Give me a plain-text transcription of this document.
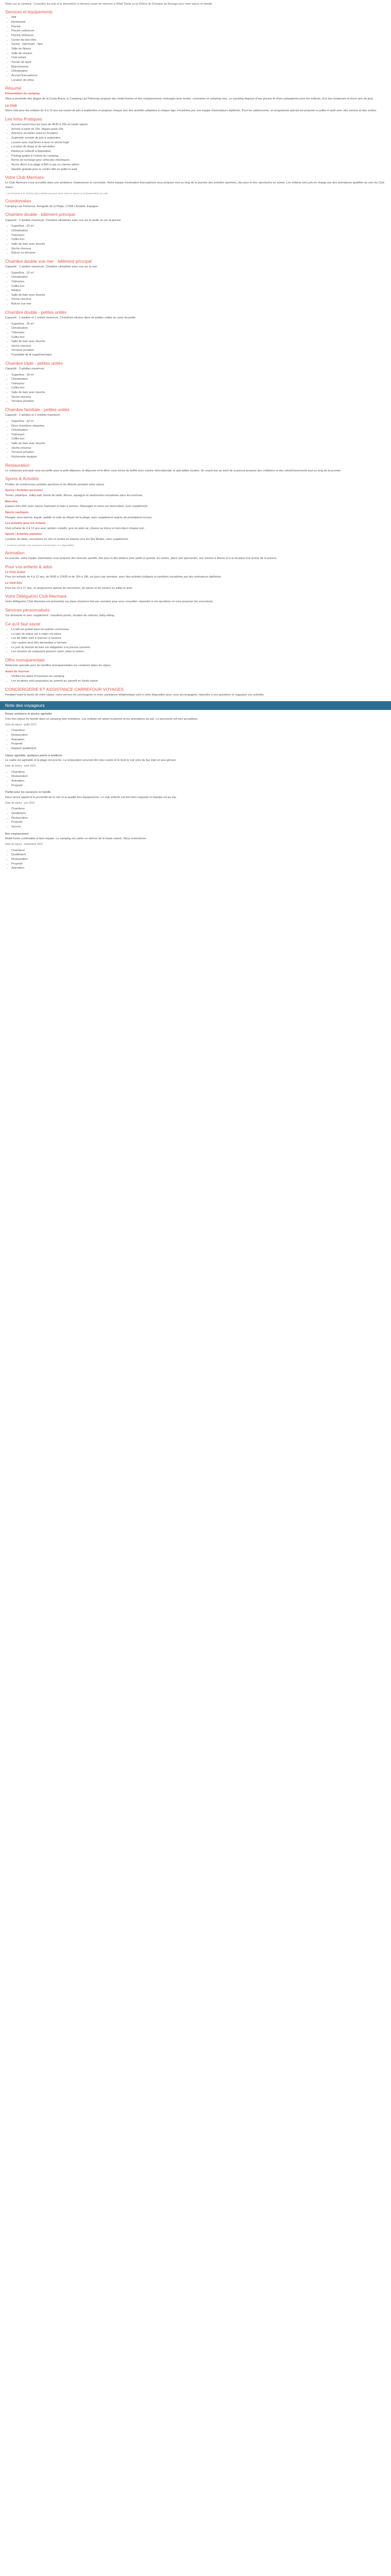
Notes sur le camping : Consultez les avis et la description ci-dessous avant de réserver à l'hôtel Tamla ou la Relève du Domaine du Barrage pour votre séjour en famille.

Services et équipements
• Wifi
• Restaurant
• Piscine
• Piscine extérieure
• Piscine intérieure
• Centre de bien-être
• Sauna - Hammam - Spa
• Salle de fitness
• Salle de réunion
• Club enfant
• Terrain de sport
• Blanchisserie
• Climatisation
• Accueil francophone
• Location de vélos
Résumé

Présentation du camping

Situé à proximité des plages de la Costa Brava, le Camping Las Palmeras propose des mobil-homes et des emplacements ombragés pour tentes, caravanes et camping-cars. Le camping dispose d'une piscine et d'une pataugeoire pour les enfants, d'un bar-restaurant et d'une aire de jeux.

Le Club

Notre club pour les enfants de 4 à 12 ans est ouvert de juin à septembre et propose chaque jour des activités adaptées à chaque âge, encadrées par une équipe d'animateurs diplômés. Pour les adolescents, un programme spécial est proposé en juillet et août avec des soirées et des sorties.

Les Infos Pratiques
• Accueil ouvert tous les jours de 8h30 à 20h en haute saison
• Arrivée à partir de 16h, départ avant 10h
• Animaux acceptés (sauf en location)
• Supérette ouverte de juin à septembre
• Laverie avec machines à laver et sèche-linge
• Location de draps et de serviettes
• Barbecue collectif à disposition
• Parking gratuit à l'entrée du camping
• Borne de recharge pour véhicules électriques
• Accès direct à la plage à 800 m par un chemin piéton
• Navette gratuite pour le centre-ville en juillet et août
Votre Club Marmara

Le Club Marmara vous accueille dans une ambiance chaleureuse et conviviale. Notre équipe d'animation francophone vous propose tout au long de la journée des activités sportives, des jeux et des spectacles en soirée. Les enfants sont pris en charge par des animateurs qualifiés au sein du Club Junior.

* Les horaires et le contenu des activités peuvent varier selon la saison et la fréquentation du club.

Coordonnées

Camping Las Palmeras, Avinguda de la Platja, 17258 L'Estartit, Espagne

Chambre double - bâtiment principal

Capacité : 2 adultes maximum. Chambre climatisée avec vue sur le jardin ou sur la piscine.

• Superficie : 20 m²
• Climatisation
• Télévision
• Coffre-fort
• Salle de bain avec douche
• Sèche-cheveux
• Balcon ou terrasse
Chambre double vue mer - bâtiment principal

Capacité : 2 adultes maximum. Chambre climatisée avec vue sur la mer.

• Superficie : 22 m²
• Climatisation
• Télévision
• Coffre-fort
• Minibar
• Salle de bain avec douche
• Sèche-cheveux
• Balcon vue mer
Chambre double - petites unités

Capacité : 2 adultes et 1 enfant maximum. Chambres situées dans de petites unités au cœur du jardin.

• Superficie : 25 m²
• Climatisation
• Télévision
• Coffre-fort
• Salle de bain avec douche
• Sèche-cheveux
• Terrasse privative
• Possibilité de lit supplémentaire
Chambre triple - petites unités

Capacité : 3 adultes maximum.

• Superficie : 28 m²
• Climatisation
• Télévision
• Coffre-fort
• Salle de bain avec douche
• Sèche-cheveux
• Terrasse privative
Chambre familiale - petites unités

Capacité : 2 adultes et 2 enfants maximum.

• Superficie : 32 m²
• Deux chambres séparées
• Climatisation
• Télévision
• Coffre-fort
• Salle de bain avec douche
• Sèche-cheveux
• Terrasse privative
• Kitchenette équipée
Restauration

Le restaurant principal vous accueille pour le petit-déjeuner, le déjeuner et le dîner sous forme de buffet avec cuisine internationale et spécialités locales. Un snack-bar au bord de la piscine propose des collations et des rafraîchissements tout au long de la journée.

Sports & Activités

Profitez de nombreuses activités sportives et de détente pendant votre séjour.

Sports / Activités terrestres

Tennis, pétanque, volley-ball, tennis de table, fitness, aquagym et randonnées encadrées dans les environs.

Bien-être

Espace bien-être avec sauna, hammam et bain à remous. Massages et soins sur réservation, avec supplément.

Sports nautiques

Plongée sous-marine, kayak, paddle et voile au départ de la plage, avec supplément auprès de prestataires locaux.

Les activités pour les enfants

Club enfants de 4 à 12 ans avec ateliers créatifs, jeux en plein air, chasse au trésor et mini-disco chaque soir.

Sports / Activités payantes

Location de vélos, excursions en mer et sorties en bateau vers les îles Medes, avec supplément.

* Certaines activités sont soumises à réservation et à disponibilité.

Animation

En journée, notre équipe d'animation vous propose des tournois sportifs, des jeux et des ateliers pour petits et grands. En soirée, place aux spectacles, aux soirées à thème et à la musique live autour de la piscine.

Pour vos enfants & ados

Le Club Junior

Pour les enfants de 4 à 12 ans, de 9h30 à 12h30 et de 15h à 18h, six jours par semaine, avec des activités ludiques et sportives encadrées par des animateurs diplômés.

Le Club Ado

Pour les 13 à 17 ans, un programme spécial de rencontres, de sports et de soirées en juillet et août.

Votre Délégué(e) Club Marmara

Votre délégué(e) Club Marmara est présent(e) sur place plusieurs fois par semaine pour vous conseiller, répondre à vos questions et vous proposer les excursions.

Services personnalisés

Sur demande et avec supplément : transferts privés, location de voitures, baby-sitting.

Ce qu'il faut savoir
• Le wifi est gratuit dans les parties communes
• La taxe de séjour est à régler sur place
• Les lits bébé sont à réserver à l'avance
• Une caution peut être demandée à l'arrivée
• Le port du bonnet de bain est obligatoire à la piscine couverte
• Les horaires du restaurant peuvent varier selon la saison
Offre monoparentale

Réduction spéciale pour les familles monoparentales sur certaines dates de séjour.

Avant de réserver

• Vérifiez les dates d'ouverture du camping
• Les locations sont proposées du samedi au samedi en haute saison
CONCIERGERIE ET ASSISTANCE CARREFOUR VOYAGES

Pendant toute la durée de votre séjour, notre service de conciergerie et notre assistance téléphonique sont à votre disposition pour vous accompagner, répondre à vos questions et organiser vos activités.

Note des voyageurs

Bonne ambiance et piscine agréable

Très bon séjour en famille dans ce camping bien entretenu. Les enfants ont adoré la piscine et les animations du soir. Le personnel est très accueillant.

Date de séjour : juillet 2023

• Chambres
• Restauration
• Animation
• Propreté
• Rapport qualité/prix

Séjour agréable, quelques points à améliorer

Le cadre est agréable et la plage est proche. La restauration pourrait être plus variée et le bruit le soir près du bar était un peu gênant.

Date de séjour : août 2023

• Chambres
• Restauration
• Animation
• Propreté

Parfait pour les vacances en famille

Nous avons apprécié la proximité de la mer et la qualité des équipements. Le club enfants est très bien organisé et l'équipe est au top.

Date de séjour : juin 2023

• Chambres
• Qualité/prix
• Restauration
• Propreté
• Service

Bon emplacement

Mobil-home confortable et bien équipé. Le camping est calme en dehors de la haute saison. Nous reviendrons.

Date de séjour : septembre 2023

• Chambres
• Qualité/prix
• Restauration
• Propreté
• Animation
